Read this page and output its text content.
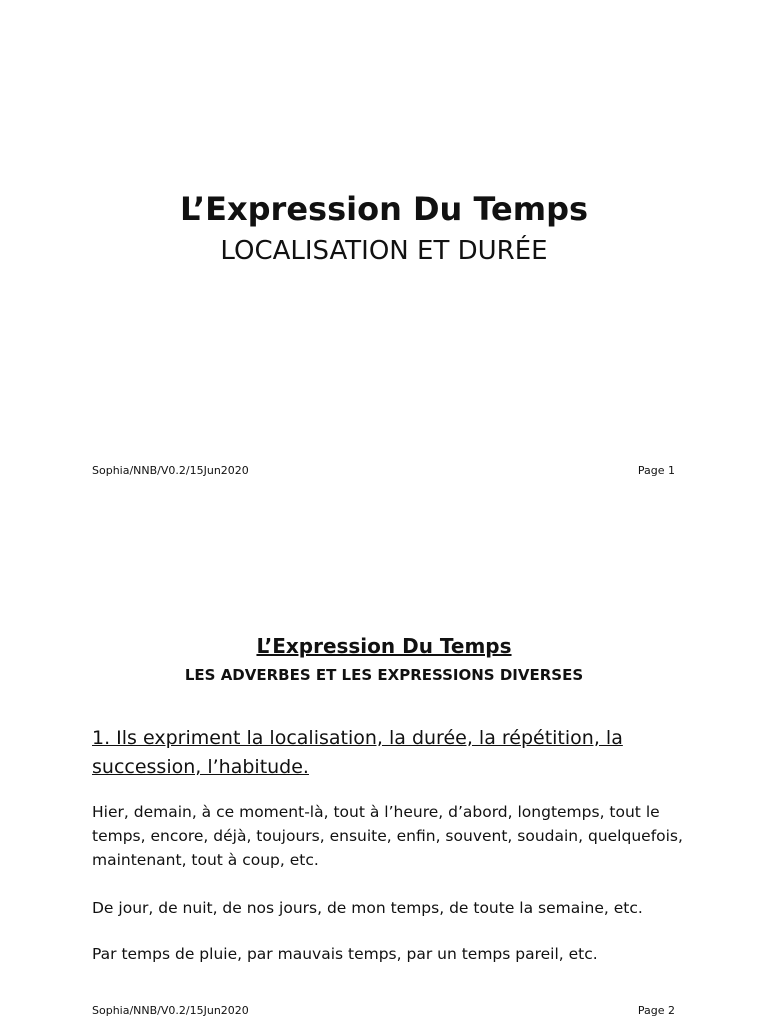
L’Expression Du Temps
LOCALISATION ET DURÉE
Sophia/NNB/V0.2/15Jun2020	Page 1
L’Expression Du Temps
LES ADVERBES ET LES EXPRESSIONS DIVERSES
1. Ils expriment la localisation, la durée, la répétition, la succession, l’habitude.
Hier, demain, à ce moment-là, tout à l’heure, d’abord, longtemps, tout le temps, encore, déjà, toujours, ensuite, enfin, souvent, soudain, quelquefois, maintenant, tout à coup, etc.
De jour, de nuit, de nos jours, de mon temps, de toute la semaine, etc.
Par temps de pluie, par mauvais temps, par un temps pareil, etc.
Sophia/NNB/V0.2/15Jun2020	Page 2
